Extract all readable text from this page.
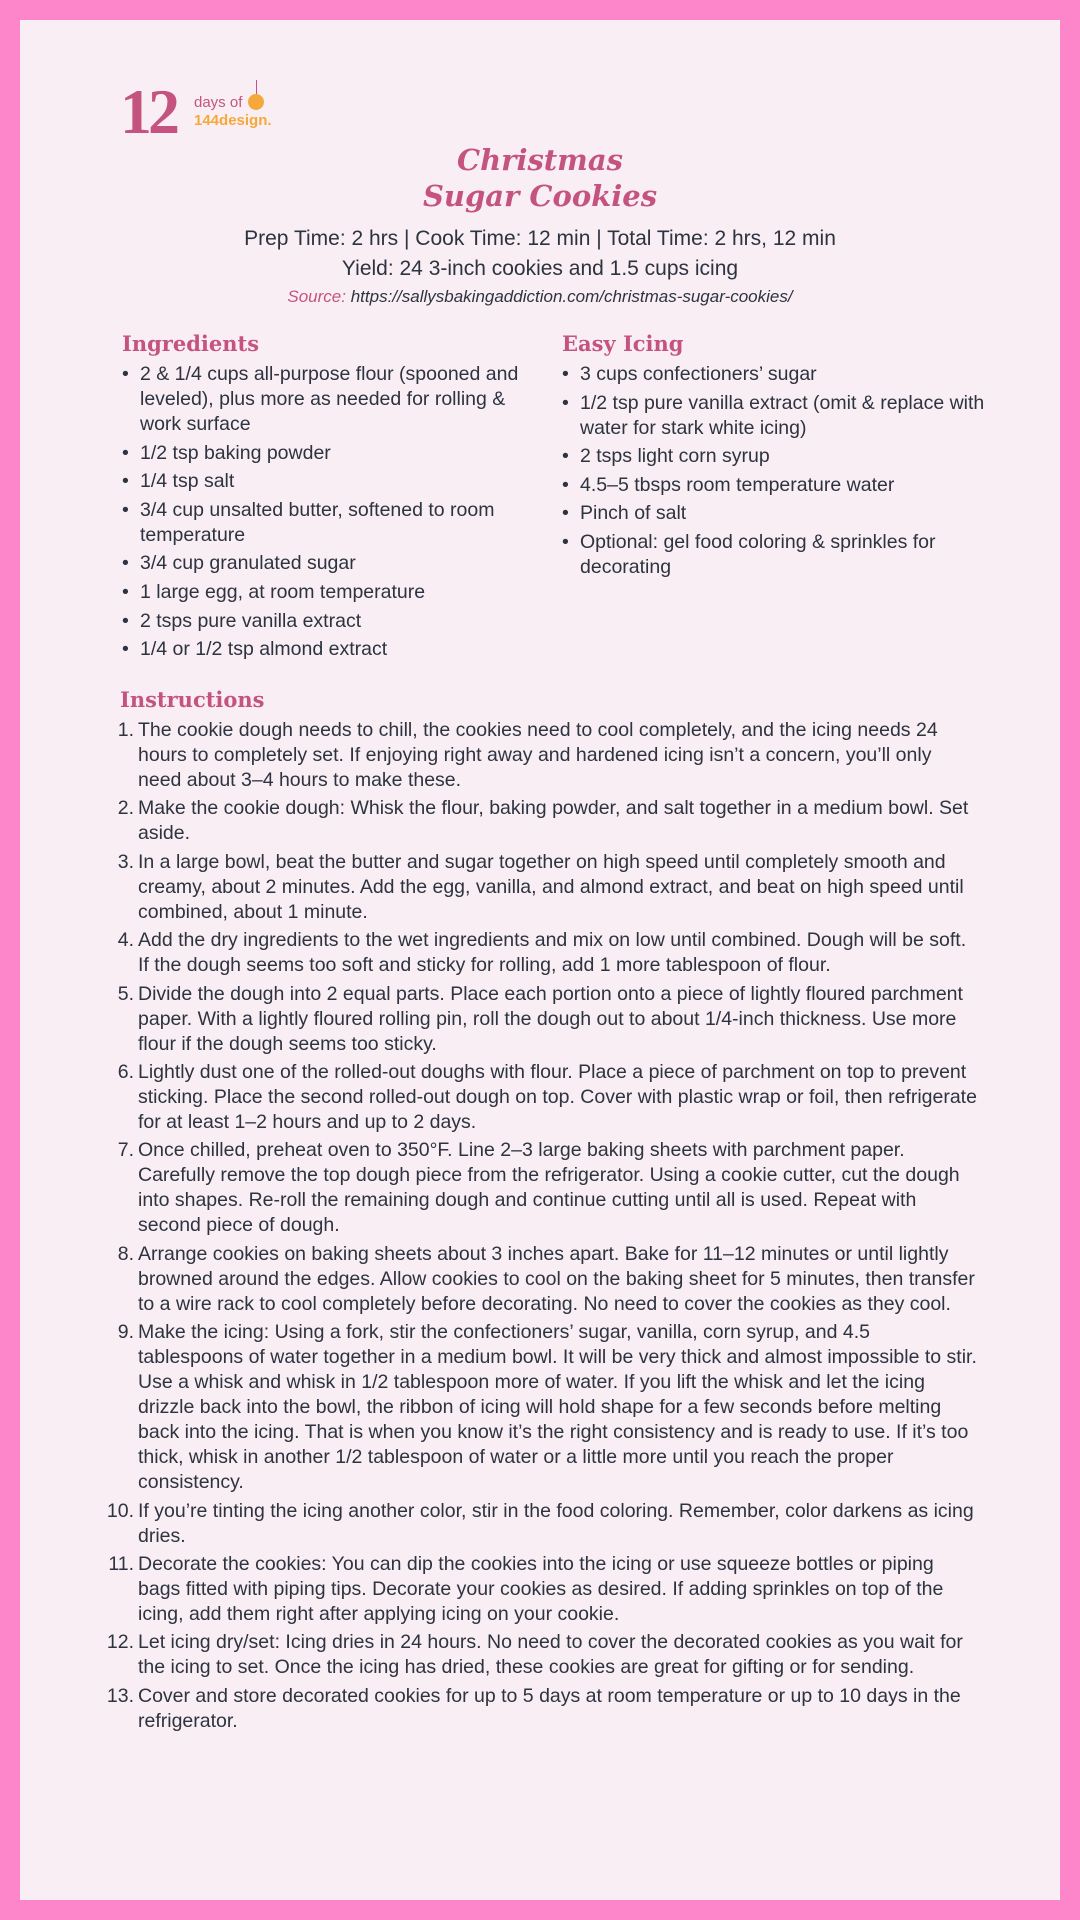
12 days of
144design.
Christmas
Sugar Cookies
Prep Time: 2 hrs | Cook Time: 12 min | Total Time: 2 hrs, 12 min
Yield: 24 3-inch cookies and 1.5 cups icing
Source: https://sallysbakingaddiction.com/christmas-sugar-cookies/
Ingredients
• 2 & 1/4 cups all-purpose flour (spooned and leveled), plus more as needed for rolling & work surface
• 1/2 tsp baking powder
• 1/4 tsp salt
• 3/4 cup unsalted butter, softened to room temperature
• 3/4 cup granulated sugar
• 1 large egg, at room temperature
• 2 tsps pure vanilla extract
• 1/4 or 1/2 tsp almond extract
Easy Icing
• 3 cups confectioners’ sugar
• 1/2 tsp pure vanilla extract (omit & replace with water for stark white icing)
• 2 tsps light corn syrup
• 4.5–5 tbsps room temperature water
• Pinch of salt
• Optional: gel food coloring & sprinkles for decorating
Instructions
1. The cookie dough needs to chill, the cookies need to cool completely, and the icing needs 24 hours to completely set. If enjoying right away and hardened icing isn’t a concern, you’ll only need about 3–4 hours to make these.
2. Make the cookie dough: Whisk the flour, baking powder, and salt together in a medium bowl. Set aside.
3. In a large bowl, beat the butter and sugar together on high speed until completely smooth and creamy, about 2 minutes. Add the egg, vanilla, and almond extract, and beat on high speed until combined, about 1 minute.
4. Add the dry ingredients to the wet ingredients and mix on low until combined. Dough will be soft. If the dough seems too soft and sticky for rolling, add 1 more tablespoon of flour.
5. Divide the dough into 2 equal parts. Place each portion onto a piece of lightly floured parchment paper. With a lightly floured rolling pin, roll the dough out to about 1/4-inch thickness. Use more flour if the dough seems too sticky.
6. Lightly dust one of the rolled-out doughs with flour. Place a piece of parchment on top to prevent sticking. Place the second rolled-out dough on top. Cover with plastic wrap or foil, then refrigerate for at least 1–2 hours and up to 2 days.
7. Once chilled, preheat oven to 350°F. Line 2–3 large baking sheets with parchment paper. Carefully remove the top dough piece from the refrigerator. Using a cookie cutter, cut the dough into shapes. Re-roll the remaining dough and continue cutting until all is used. Repeat with second piece of dough.
8. Arrange cookies on baking sheets about 3 inches apart. Bake for 11–12 minutes or until lightly browned around the edges. Allow cookies to cool on the baking sheet for 5 minutes, then transfer to a wire rack to cool completely before decorating. No need to cover the cookies as they cool.
9. Make the icing: Using a fork, stir the confectioners’ sugar, vanilla, corn syrup, and 4.5 tablespoons of water together in a medium bowl. It will be very thick and almost impossible to stir. Use a whisk and whisk in 1/2 tablespoon more of water. If you lift the whisk and let the icing drizzle back into the bowl, the ribbon of icing will hold shape for a few seconds before melting back into the icing. That is when you know it’s the right consistency and is ready to use. If it’s too thick, whisk in another 1/2 tablespoon of water or a little more until you reach the proper consistency.
10. If you’re tinting the icing another color, stir in the food coloring. Remember, color darkens as icing dries.
11. Decorate the cookies: You can dip the cookies into the icing or use squeeze bottles or piping bags fitted with piping tips. Decorate your cookies as desired. If adding sprinkles on top of the icing, add them right after applying icing on your cookie.
12. Let icing dry/set: Icing dries in 24 hours. No need to cover the decorated cookies as you wait for the icing to set. Once the icing has dried, these cookies are great for gifting or for sending.
13. Cover and store decorated cookies for up to 5 days at room temperature or up to 10 days in the refrigerator.
